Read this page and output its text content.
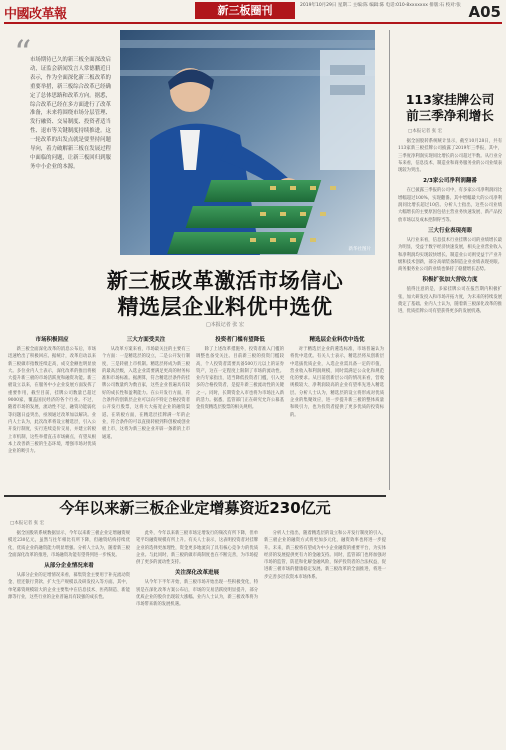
中國改革報	新三板圈刊	2019年10月29日 星期二 主编:陈 编辑:陈 电话:010-8xxxxxxx 排版:石 校对:张 A05
“
市场期待已久的新三板全面深改启动，证监会新闻发言人常德鹏近日表示，作为全面深化新三板改革的重要举措，新三板综合改革已经确定了总体思路和改革方向。据悉，综合改革已经在多方面进行了改革准备，未来将围绕市场分层管理、发行融资、交易制度、投资者适当性、退市等关键制度持续推进。这一轮改革的出发点就是要坚持问题导向，着力破解新三板在发展过程中面临的问题，让新三板回归到服务中小企业的本源。
新华社图片
新三板改革激活市场信心
精选层企业料优中选优
□本报记者 张 宏
市场积极回应

新三板全面深化改革的消息公布后，市场迅速给出了积极回应。据统计，改革启动以来新三板做市指数连续走高，成交金额也明显放大。多位业内人士表示，深化改革的推出将极大提升新三板的市场活跃度和融资功能。新三板设立以来，在服务中小企业发展方面发挥了重要作用，截至目前，挂牌公司数量已超过9000家，覆盖国民经济的各个行业。不过，随着市场的发展，流动性不足、融资功能弱化等问题日益突出，亟须通过改革加以解决。业内人士认为，此次改革将设立精选层，引入公开发行制度，实行连续竞价交易，并建立转板上市机制，这些举措直击市场痛点，有望从根本上改善新三板的生态环境，增强市场对优质企业的吸引力。

三大方面受关注

从改革方案来看，市场最关注的主要有三个方面：一是精选层的设立，二是公开发行制度，三是转板上市机制。精选层将成为新三板的最高层级，入选企业需要满足更高的财务标准和市场标准。据测算，符合精选层条件的挂牌公司数量约为数百家，这些企业普遍具有较好的成长性和盈利能力。在公开发行方面，符合条件的创新层企业可以向不特定合格投资者公开发行股票，这将大大拓宽企业的融资渠道。在转板方面，在精选层挂牌满一年的企业，符合条件的可以直接转板到科创板或创业板上市，这将为新三板企业开辟一条新的上市通道。

投资者门槛有望降低

除了上述改革措施外，投资者准入门槛的调整也备受关注。目前新三板的投资门槛较高，个人投资者需要具备500万元以上的证券资产，这在一定程度上限制了市场的流动性。业内专家指出，适当降低投资者门槛，引入更多的合格投资者，是提升新三板流动性的关键之一。同时，长期资金入市也将为市场注入新的活力。据悉，监管部门正在研究允许公募基金投资精选层股票的相关规则。

精选层企业料优中选优

对于精选层企业的遴选标准，市场普遍认为将优中选优。有关人士表示，精选层将从创新层中选拔优质企业，入选企业需具备一定的市值、营业收入和利润规模，同时需满足公众化和规范化的要求。从目前创新层公司的情况来看，营收规模较大、净利润较高的企业有望率先进入精选层。分析人士认为，精选层的设立将形成对优质企业的集聚效应，进一步提升新三板的整体质量和吸引力，也为投资者提供了更多优质的投资标的。

113家挂牌公司
前三季净利增长
□本报记者 张 宏

据全国股转系统统计显示，截至10月28日，共有113家新三板挂牌公司披露了2019年三季报，其中，三季度净利润实现同比增长的公司超过半数。从行业分布来看，信息技术、制造业和商务服务业的公司业绩表现较为突出。

2/3家公司净利润翻番

在已披露三季报的公司中，有多家公司净利润同比增幅超过100%，实现翻番。其中增幅最大的公司净利润同比增长超过10倍。分析人士指出，这些公司业绩大幅增长的主要原因包括主营业务快速发展、新产品投放市场以及成本控制得当等。

三大行业表现亮眼

从行业来看，信息技术行业挂牌公司的业绩增长最为明显，受益于数字经济快速发展，相关企业营业收入和净利润均实现较快增长。制造业公司则受益于产业升级和技术创新，部分高端装备制造企业业绩表现亮眼。商务服务业公司的业绩也保持了稳健增长态势。

积极扩张加大营收力度

值得注意的是，多家挂牌公司在报告期内积极扩张，加大研发投入和市场开拓力度，为未来的持续发展奠定了基础。业内人士认为，随着新三板深化改革的推进，优质挂牌公司有望获得更多的发展机遇。

今年以来新三板企业定增募资近230亿元
□本报记者 张 宏

据全国股转系统数据显示，今年以来新三板企业定增融资规模近230亿元，虽然与往年相比有所下降，但融资结构持续优化，优质企业的融资能力明显增强。分析人士认为，随着新三板全面深化改革的推进，市场融资功能有望得到进一步恢复。

从部分企业情况来看

从部分企业的定增情况来看，募集资金主要用于补充流动资金、偿还银行贷款、扩大生产规模以及研发投入等方面。其中，单笔募资规模较大的企业主要集中在信息技术、医药制造、新能源等行业，这些行业的企业普遍具有较强的成长性。

此外，今年以来新三板市场定增发行的频次有所下降，但单笔平均融资规模有所上升。有关人士表示，这表明投资者对挂牌企业的选择更加理性，资金更多地流向了具有核心竞争力的优质企业。与此同时，新三板的做市商制度也在不断完善，为市场提供了更多的流动性支持。

关注深化改革进展

从今年下半年开始，新三板市场开始出现一些积极变化，特别是在深化改革方案公布后，市场的交易活跃度明显提升，部分优质企业的股价出现较大涨幅。业内人士认为，新三板改革将为市场带来新的发展机遇。

分析人士指出，随着精选层的设立和公开发行制度的引入，新三板企业的融资方式将更加多元化，融资效率也将进一步提升。未来，新三板将有望成为中小企业融资的重要平台，为实体经济的发展提供更有力的金融支持。同时，监管部门也将加强对市场的监管，防范和化解金融风险，保护投资者的合法权益，促进新三板市场的健康稳定发展。新三板改革的全面推进，将进一步完善多层次资本市场体系。
